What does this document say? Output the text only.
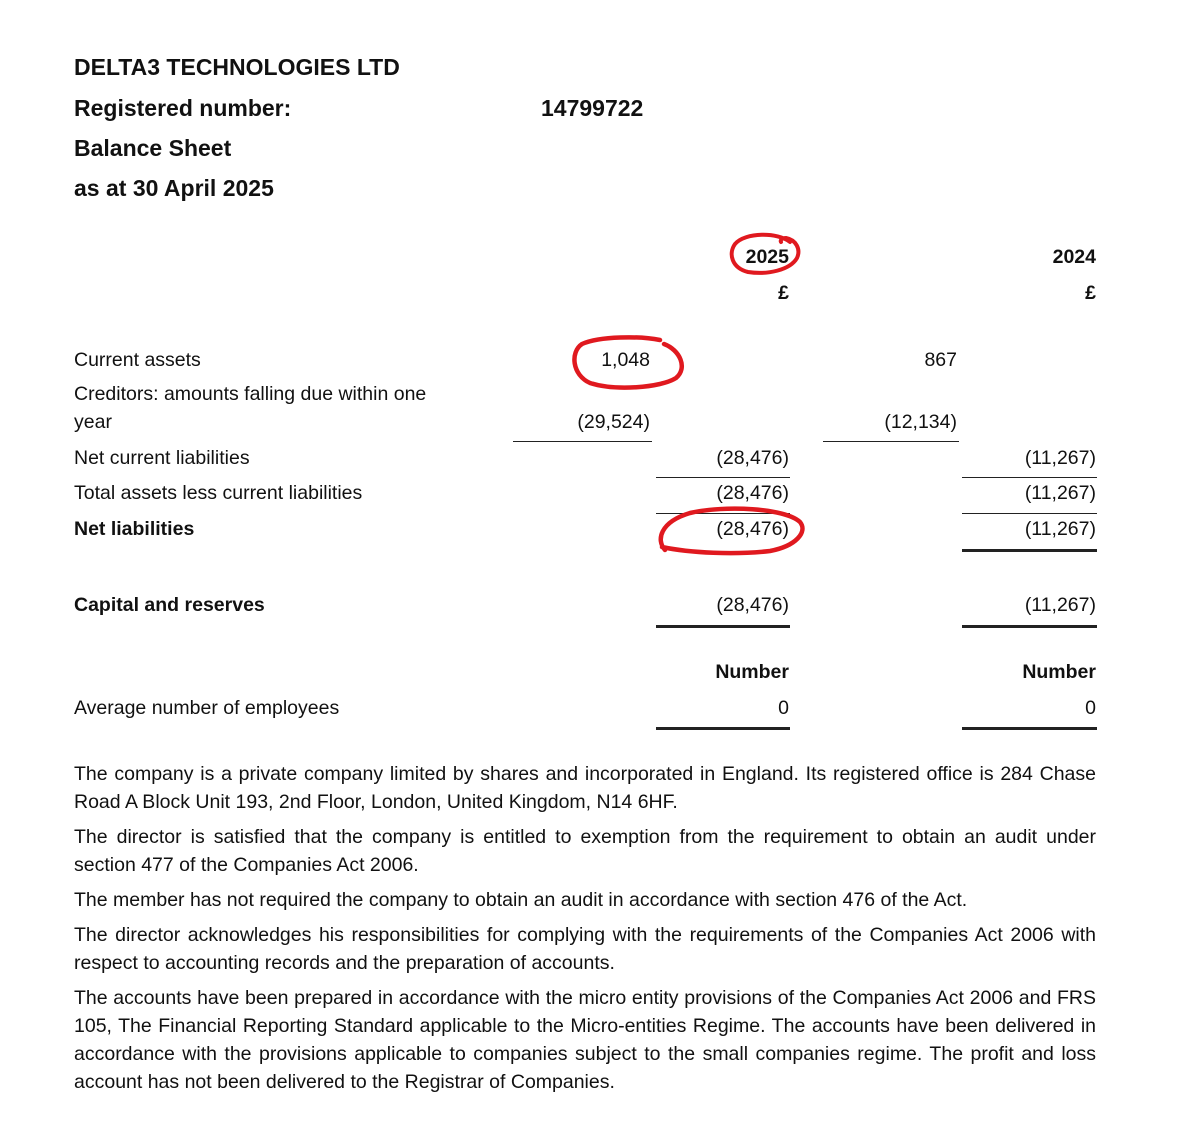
DELTA3 TECHNOLOGIES LTD
Registered number:	14799722
Balance Sheet
as at 30 April 2025
2025	2024
£	£
Current assets	1,048	867
Creditors: amounts falling due within one
year	(29,524)	(12,134)
Net current liabilities	(28,476)	(11,267)
Total assets less current liabilities	(28,476)	(11,267)
Net liabilities	(28,476)	(11,267)
Capital and reserves	(28,476)	(11,267)
Number	Number
Average number of employees	0	0
The company is a private company limited by shares and incorporated in England. Its registered office is 284 Chase Road A Block Unit 193, 2nd Floor, London, United Kingdom, N14 6HF.
The director is satisfied that the company is entitled to exemption from the requirement to obtain an audit under section 477 of the Companies Act 2006.
The member has not required the company to obtain an audit in accordance with section 476 of the Act.
The director acknowledges his responsibilities for complying with the requirements of the Companies Act 2006 with respect to accounting records and the preparation of accounts.
The accounts have been prepared in accordance with the micro entity provisions of the Companies Act 2006 and FRS 105, The Financial Reporting Standard applicable to the Micro-entities Regime. The accounts have been delivered in accordance with the provisions applicable to companies subject to the small companies regime. The profit and loss account has not been delivered to the Registrar of Companies.
